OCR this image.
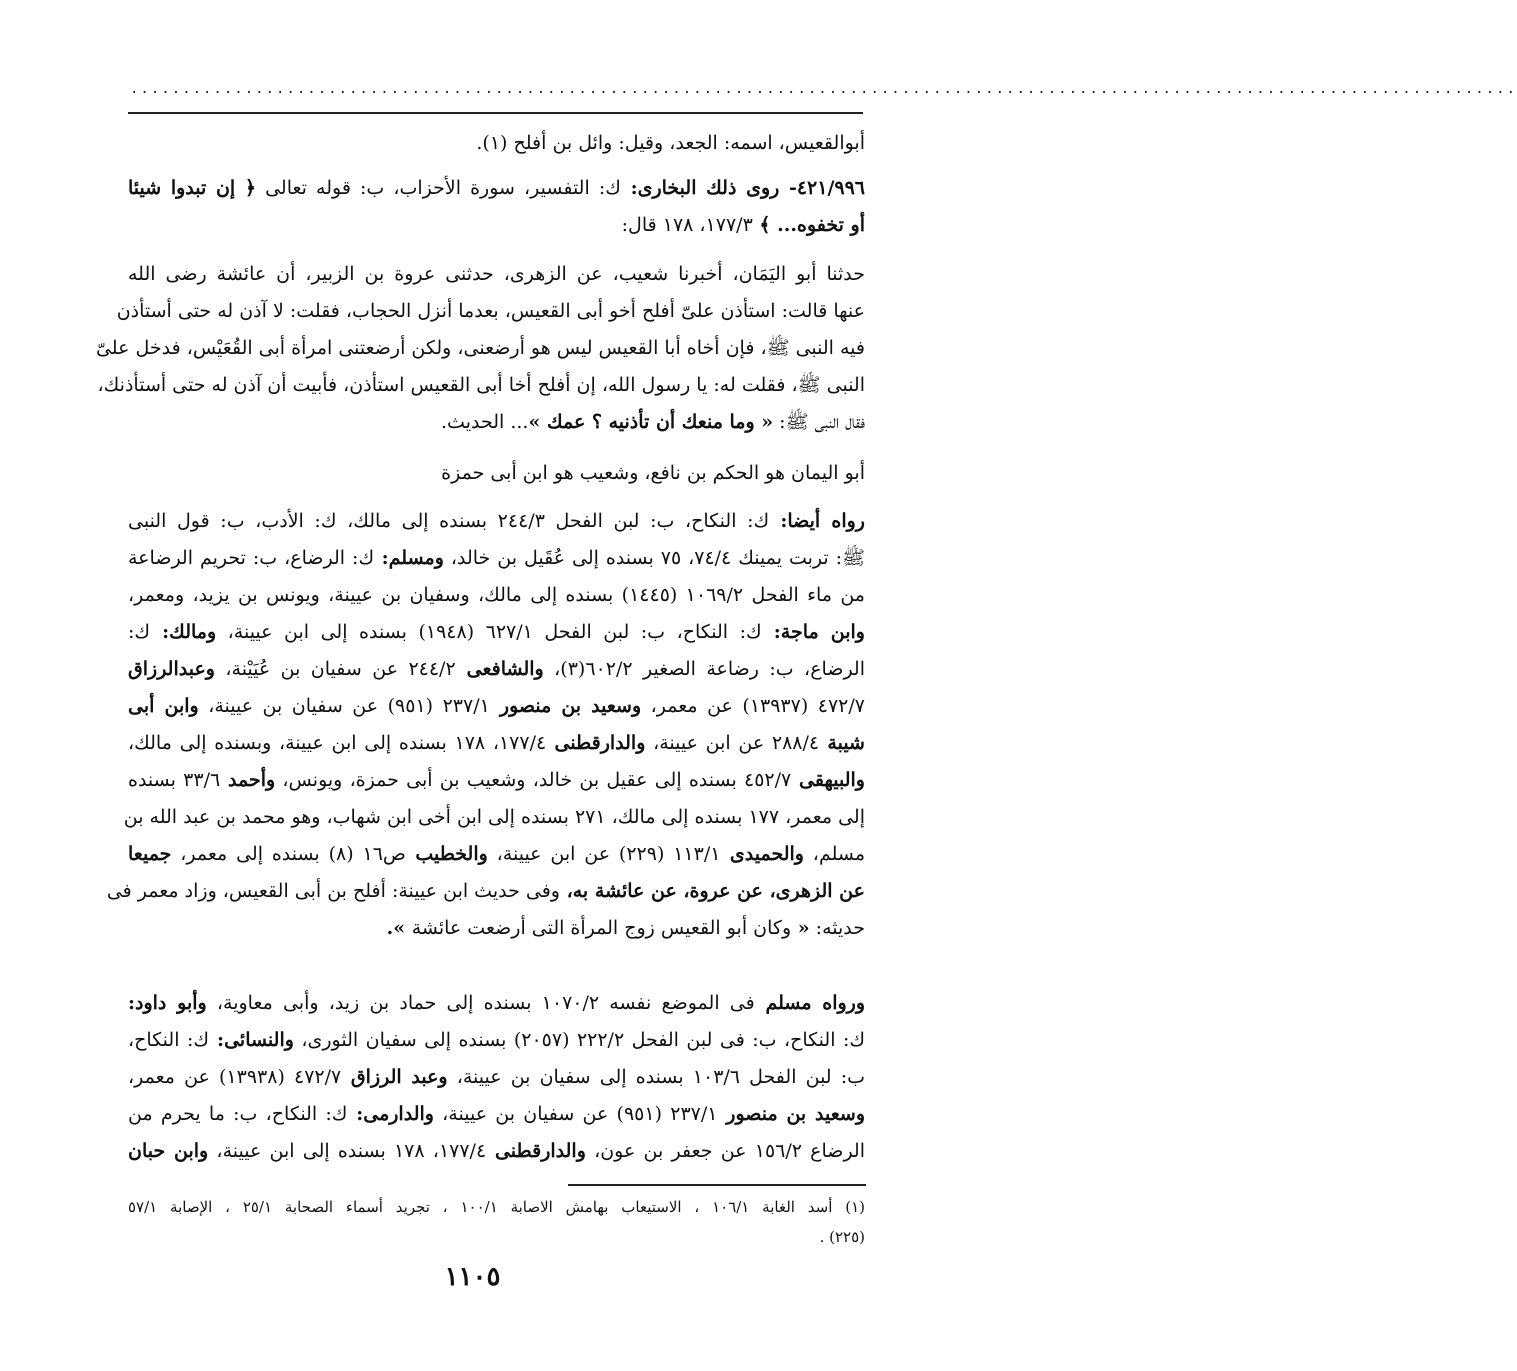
.....................................................................................................................................
أبوالقعيس، اسمه: الجعد، وقيل: وائل بن أفلح (١).
٤٢١/٩٩٦- روى ذلك البخارى: ك: التفسير، سورة الأحزاب، ب: قوله تعالى ﴿ إن تبدوا شيئا
أو تخفوه... ﴾ ١٧٧/٣، ١٧٨ قال:
حدثنا أبو اليَمَان، أخبرنا شعيب، عن الزهرى، حدثنى عروة بن الزبير، أن عائشة رضى الله
عنها قالت: استأذن علىّ أفلح أخو أبى القعيس، بعدما أنزل الحجاب، فقلت: لا آذن له حتى أستأذن
فيه النبى ﷺ، فإن أخاه أبا القعيس ليس هو أرضعنى، ولكن أرضعتنى امرأة أبى القُعَيْس، فدخل علىّ
النبى ﷺ، فقلت له: يا رسول الله، إن أفلح أخا أبى القعيس استأذن، فأبيت أن آذن له حتى أستأذنك،
فقال النبى ﷺ: « وما منعك أن تأذنيه ؟ عمك »... الحديث.
أبو اليمان هو الحكم بن نافع، وشعيب هو ابن أبى حمزة
رواه أيضا: ك: النكاح، ب: لبن الفحل ٢٤٤/٣ بسنده إلى مالك، ك: الأدب، ب: قول النبى
ﷺ: تربت يمينك ٧٤/٤، ٧٥ بسنده إلى عُقَيل بن خالد، ومسلم: ك: الرضاع، ب: تحريم الرضاعة
من ماء الفحل ١٠٦٩/٢ (١٤٤٥) بسنده إلى مالك، وسفيان بن عيينة، ويونس بن يزيد، ومعمر،
وابن ماجة: ك: النكاح، ب: لبن الفحل ٦٢٧/١ (١٩٤٨) بسنده إلى ابن عيينة، ومالك: ك:
الرضاع، ب: رضاعة الصغير ٦٠٢/٢(٣)، والشافعى ٢٤٤/٢ عن سفيان بن عُيَيْنة، وعبدالرزاق
٤٧٢/٧ (١٣٩٣٧) عن معمر، وسعيد بن منصور ٢٣٧/١ (٩٥١) عن سفيان بن عيينة، وابن أبى
شيبة ٢٨٨/٤ عن ابن عيينة، والدارقطنى ١٧٧/٤، ١٧٨ بسنده إلى ابن عيينة، وبسنده إلى مالك،
والبيهقى ٤٥٢/٧ بسنده إلى عقيل بن خالد، وشعيب بن أبى حمزة، ويونس، وأحمد ٣٣/٦ بسنده
إلى معمر، ١٧٧ بسنده إلى مالك، ٢٧١ بسنده إلى ابن أخى ابن شهاب، وهو محمد بن عبد الله بن
مسلم، والحميدى ١١٣/١ (٢٢٩) عن ابن عيينة، والخطيب ص١٦ (٨) بسنده إلى معمر، جميعا
عن الزهرى، عن عروة، عن عائشة به، وفى حديث ابن عيينة: أفلح بن أبى القعيس، وزاد معمر فى
حديثه: « وكان أبو القعيس زوج المرأة التى أرضعت عائشة ».
ورواه مسلم فى الموضع نفسه ١٠٧٠/٢ بسنده إلى حماد بن زيد، وأبى معاوية، وأبو داود:
ك: النكاح، ب: فى لبن الفحل ٢٢٢/٢ (٢٠٥٧) بسنده إلى سفيان الثورى، والنسائى: ك: النكاح،
ب: لبن الفحل ١٠٣/٦ بسنده إلى سفيان بن عيينة، وعبد الرزاق ٤٧٢/٧ (١٣٩٣٨) عن معمر،
وسعيد بن منصور ٢٣٧/١ (٩٥١) عن سفيان بن عيينة، والدارمى: ك: النكاح، ب: ما يحرم من
الرضاع ١٥٦/٢ عن جعفر بن عون، والدارقطنى ١٧٧/٤، ١٧٨ بسنده إلى ابن عيينة، وابن حبان
(١) أسد الغابة ١٠٦/١ ، الاستيعاب بهامش الاصابة ١٠٠/١ ، تجريد أسماء الصحابة ٢٥/١ ، الإصابة ٥٧/١
(٢٢٥) .
١١٠٥
